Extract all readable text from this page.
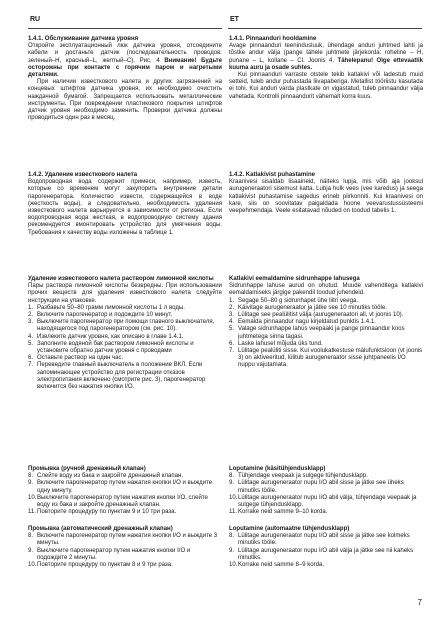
RU	ET

1.4.1. Обслуживание датчика уровня

Откройте эксплуатационный люк датчика уровня, отсоедините кабели и достаньте датчик (последовательность проводов: зеленый–Н, красный–L, желтый–С). Рис. 4 Внимание! Будьте осторожны при контакте с горячим паром и нагретыми деталями.

При наличии известкового налета и других загрязнений на концевых штифтов датчика уровня, их необходимо очистить наждачной бумагой. Запрещается использовать металлические инструменты. При повреждении пластикового покрытия штифтов датчик уровня необходимо заменить. Проверки датчика должны проводиться один раз в месяц.

1.4.2. Удаление известкового налета

Водопроводная вода содержит примеси, например, известь, которые со временем могут закупорить внутренние детали парогенератора. Количество извести, содержащейся в воде (жесткость воды), а следовательно, необходимость удаления известкового налета варьируется в зависимости от региона. Если водопроводная вода жесткая, в водопроводную систему здания рекомендуется вмонтировать устройство для умягчения воды. Требования к качеству воды изложены в таблице 1.

Удаление известкового налета раствором лимонной кислоты

Пары раствора лимонной кислоты безвредны. При использовании прочих веществ для удаления известкового налета следуйте инструкции на упаковке.

1. Разбавьте 50–80 грамм лимонной кислоты 1 л воды.
2. Включите парогенератор и подождите 10 минут.
3. Выключите парогенератор при помощи главного выключателя, находящегося под парогенератором (см. рис. 10).
4. Извлеките датчик уровня, как описано в главе 1.4.1.
5. Заполните водяной бак раствором лимонной кислоты и установите обратно датчик уровня с проводами
6. Оставьте раствор на один час.
7. Переведите главный выключатель в положение ВКЛ. Если запоминающее устройство для регистрации отказов электропитания включено (смотрите рис. 3), парогенератор включится без нажатия кнопки I/O.

Промывка (ручной дренажный клапан)

8. Слейте воду из бака и закройте дренажный клапан.
9. Включите парогенератор путем нажатия кнопки I/O и выждите одну минуту.
10. Выключите парогенератор путем нажатия кнопки I/O, слейте воду из бака и закройте дренажный клапан.
11. Повторите процедуру по пунктам 9 и 10 три раза.

Промывка (автоматический дренажный клапан)

8. Включите парогенератор путем нажатия кнопки I/O и выждите 3 минуты.
9. Выключите парогенератор путем нажатия кнопки I/O и подождите 2 минуты.
10. Повторите процедуру по пунктам 8 и 9 три раза.

1.4.1. Pinnaanduri hooldamine

Avage pinnaanduri teenindusluuk, ühendage anduri juhtmed lahti ja tõstke andur välja (pange tähele juhtmete järjekorda: roheline – H, punane – L, kollane – Cl. Joonis 4. Tähelepanu! Olge ettevaatlik kuuma auru ja osade suhtes.

Kui pinnaanduri varraste otstele tekib katlakivi või ladestub muid setteid, tuleb andur puhastada liivapaberiga. Metallist tööriistu kasutada ei tohi. Kui anduri varda plastkate on vigastatud, tuleb pinnaandur välja vahetada. Kontrolli pinnaandurit vähemalt korra kuus.

1.4.2. Katlakivist puhastamine

Kraanivesi sisaldab lisaaineid, näiteks lupja, mis võib aja jooksul aurugeneraatori sisemust katta. Lubja hulk vees (vee karedus) ja seega katlakivist puhastamise sagedus erineb piirkonniti. Kui kraanivesi on kare, siis on soovitatav paigaldada hoone veevarustussüsteemi veepehmendaja. Veele esitatavad nõuded on toodud tabelis 1.

Katlakivi eemaldamine sidrunhappe lahusega

Sidrunhappe lahuse aurud on ohutud. Muude vahenditega katlakivi eemaldamiseks järgige pakendil toodud juhendeid.

1. Segage 50–80 g sidrunhapet ühe liitri veega.
2. Käivitage aurugeneraator ja jätke see 10 minutiks tööle.
3. Lülitage see pealülitist välja (aurugeneraatori all, vt joonis 10).
4. Eemalda pinnaandur nagu kirjeldatud punktis 1.4.1.
5. Valage sidrunhappe lahus veepaaki ja pange pinnaandur koos juhtmetega sinna tagasi.
6. Laske lahusel mõjuda üks tund.
7. Lülitage pealüliti sisse. Kui voolukatkestuse mälufunktsioon (vt joonis 3) on aktiveeritud, lülitub aurugeneraator sisse juhtpaneelis I/O nuppu vajutamata.

Loputamine (käsitühjendusklapp)

8. Tühjendage veepaak ja sulgege tühjendusklapp.
9. Lülitage aurugeneraator nupu I/O abil sisse ja jätke see üheks minutiks tööle.
10. Lülitage aurugeneraator nupu I/O abil välja, tühjendage veepaak ja sulgege tühjendusklapp.
11. Korrake neid samme 9–10 korda.

Loputamine (automaatne tühjendusklapp)

8. Lülitage aurugeneraator nupu I/O abil sisse ja jätke see kolmeks minutiks tööle.
9. Lülitage aurugeneraator nupu I/O abil välja ja jätke see nii kaheks minutiks.
10. Korrake neid samme 8–9 korda.
7
